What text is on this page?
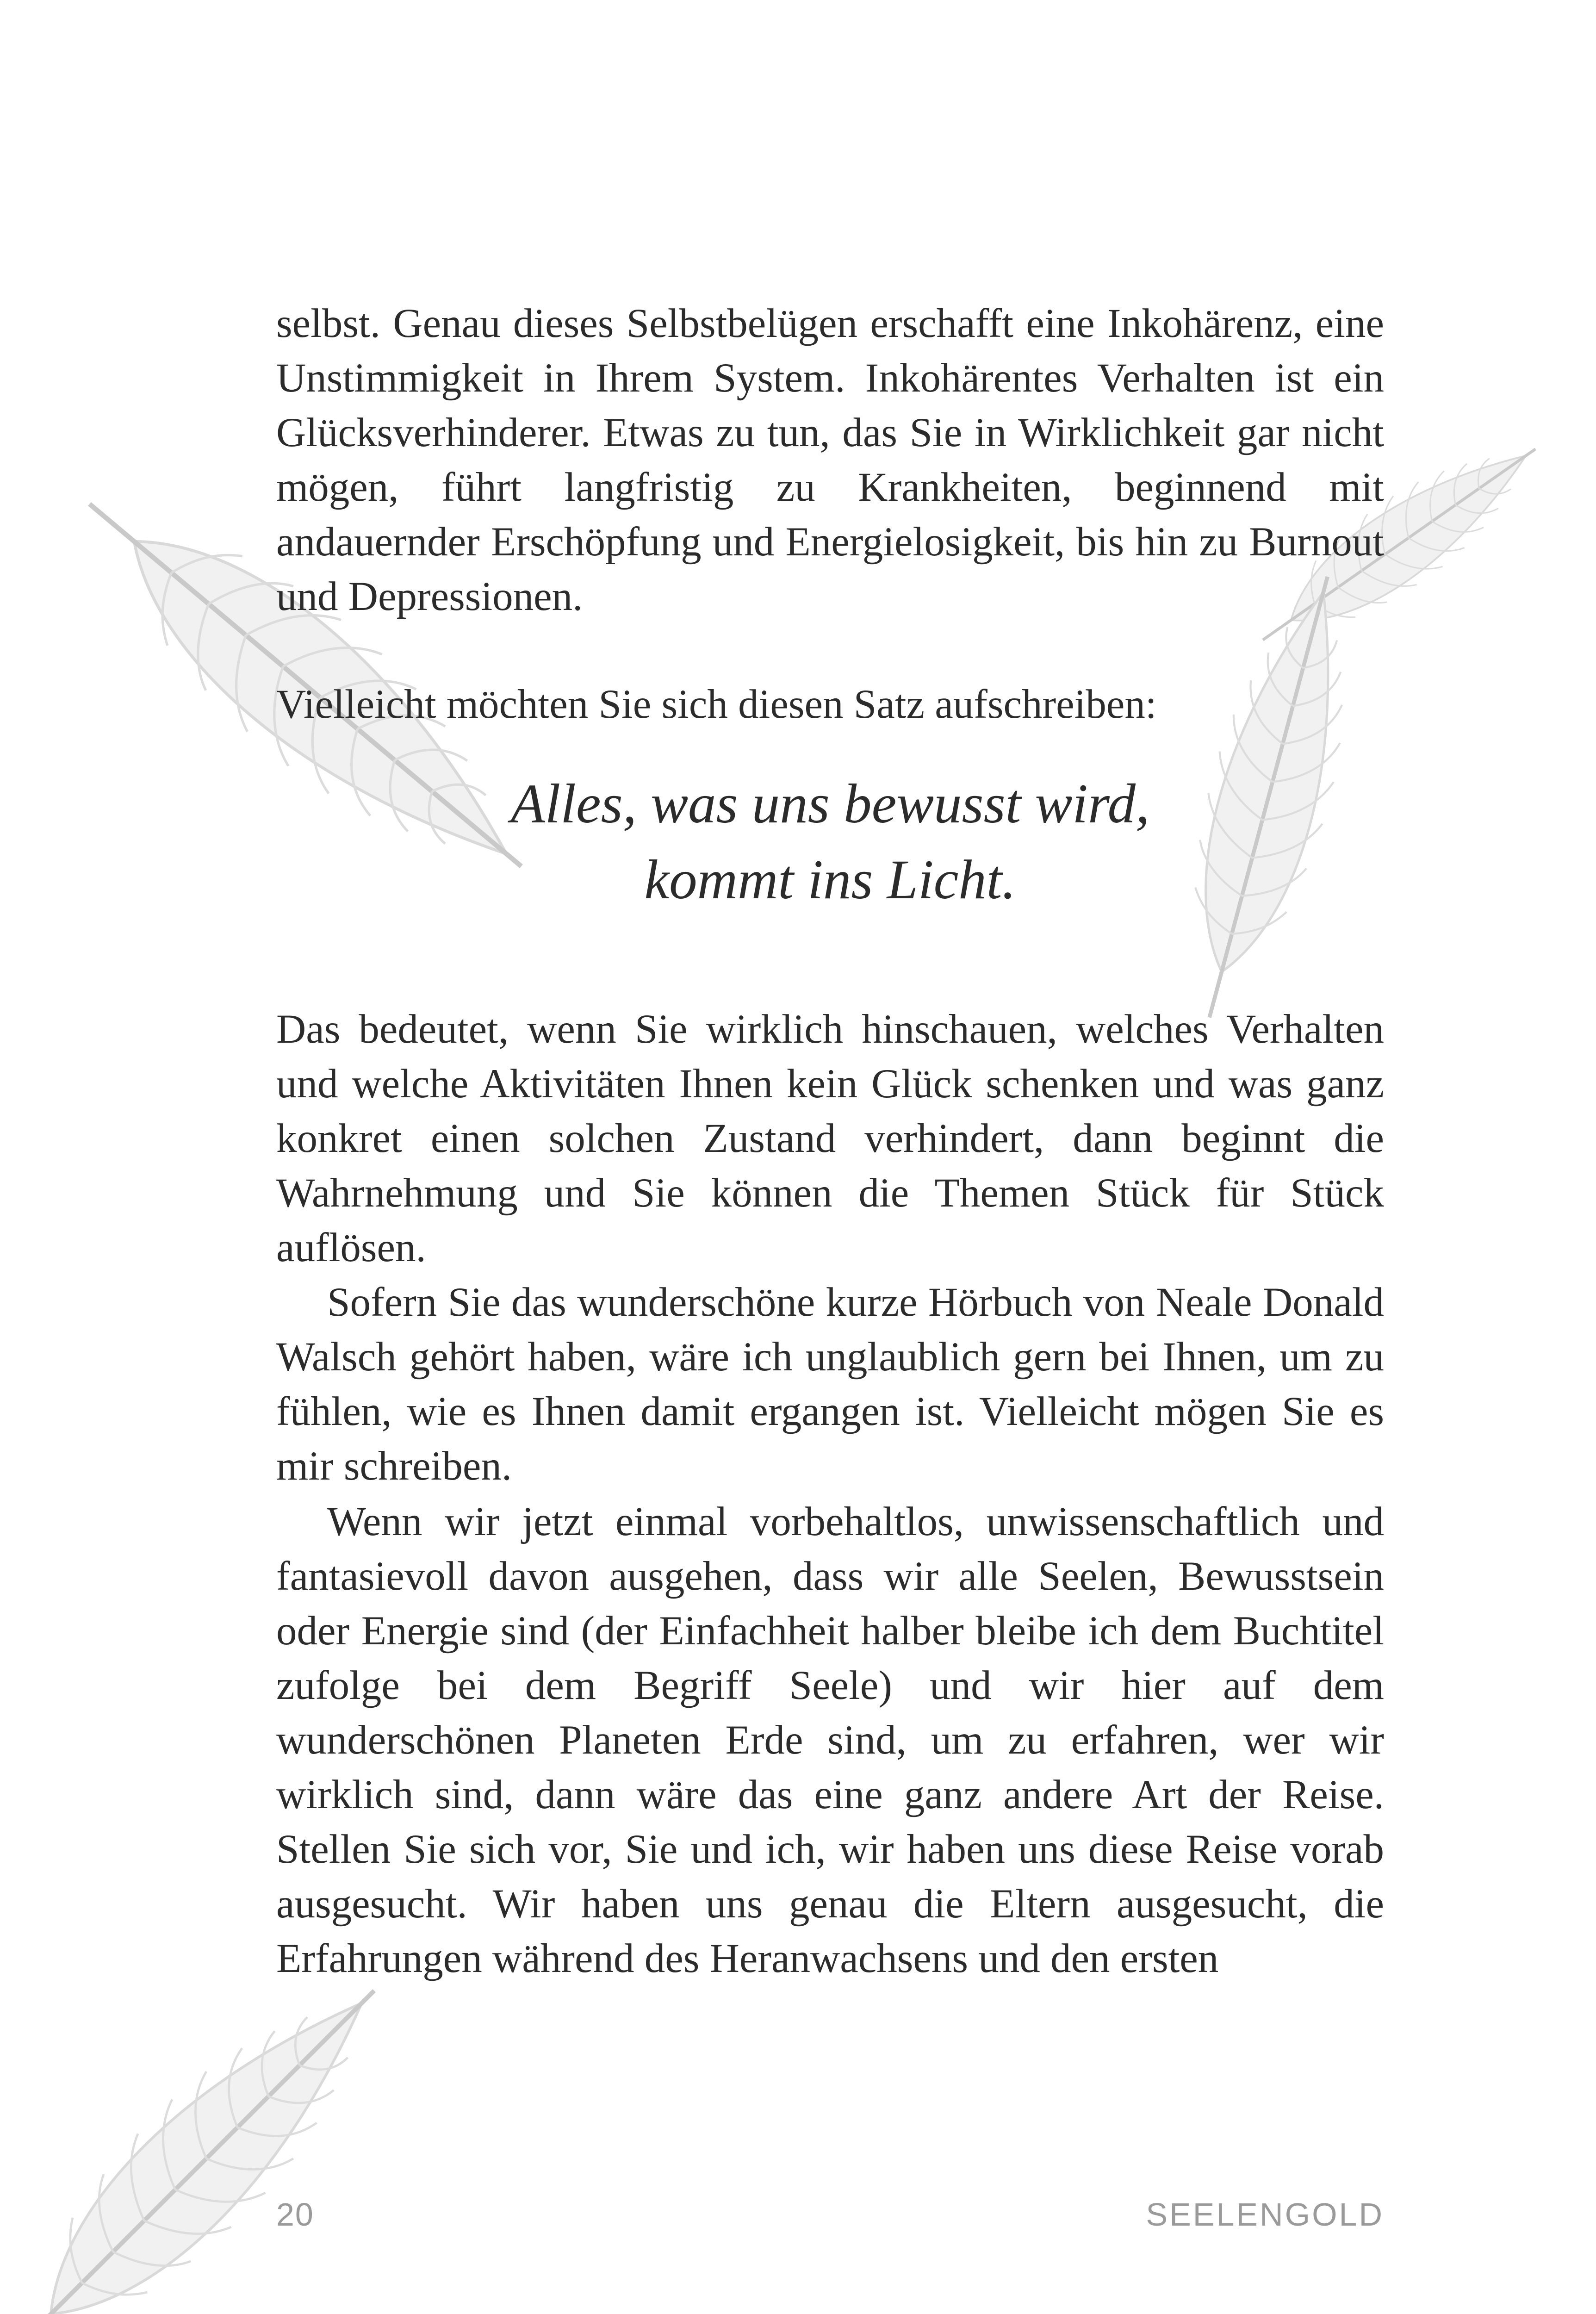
selbst. Genau dieses Selbstbelügen erschafft eine Inkohärenz, eine Unstimmigkeit in Ihrem System. Inkohärentes Verhalten ist ein Glücksverhinderer. Etwas zu tun, das Sie in Wirklichkeit gar nicht mögen, führt langfristig zu Krankheiten, beginnend mit andauernder Erschöpfung und Energielosigkeit, bis hin zu Burnout und Depressionen.

Vielleicht möchten Sie sich diesen Satz aufschreiben:

Alles, was uns bewusst wird,
kommt ins Licht.

Das bedeutet, wenn Sie wirklich hinschauen, welches Verhalten und welche Aktivitäten Ihnen kein Glück schenken und was ganz konkret einen solchen Zustand verhindert, dann beginnt die Wahrnehmung und Sie können die Themen Stück für Stück auflösen.

Sofern Sie das wunderschöne kurze Hörbuch von Neale Donald Walsch gehört haben, wäre ich unglaublich gern bei Ihnen, um zu fühlen, wie es Ihnen damit ergangen ist. Vielleicht mögen Sie es mir schreiben.

Wenn wir jetzt einmal vorbehaltlos, unwissenschaftlich und fantasievoll davon ausgehen, dass wir alle Seelen, Bewusstsein oder Energie sind (der Einfachheit halber bleibe ich dem Buchtitel zufolge bei dem Begriff Seele) und wir hier auf dem wunderschönen Planeten Erde sind, um zu erfahren, wer wir wirklich sind, dann wäre das eine ganz andere Art der Reise. Stellen Sie sich vor, Sie und ich, wir haben uns diese Reise vorab ausgesucht. Wir haben uns genau die Eltern ausgesucht, die Erfahrungen während des Heranwachsens und den ersten

20	SEELENGOLD
